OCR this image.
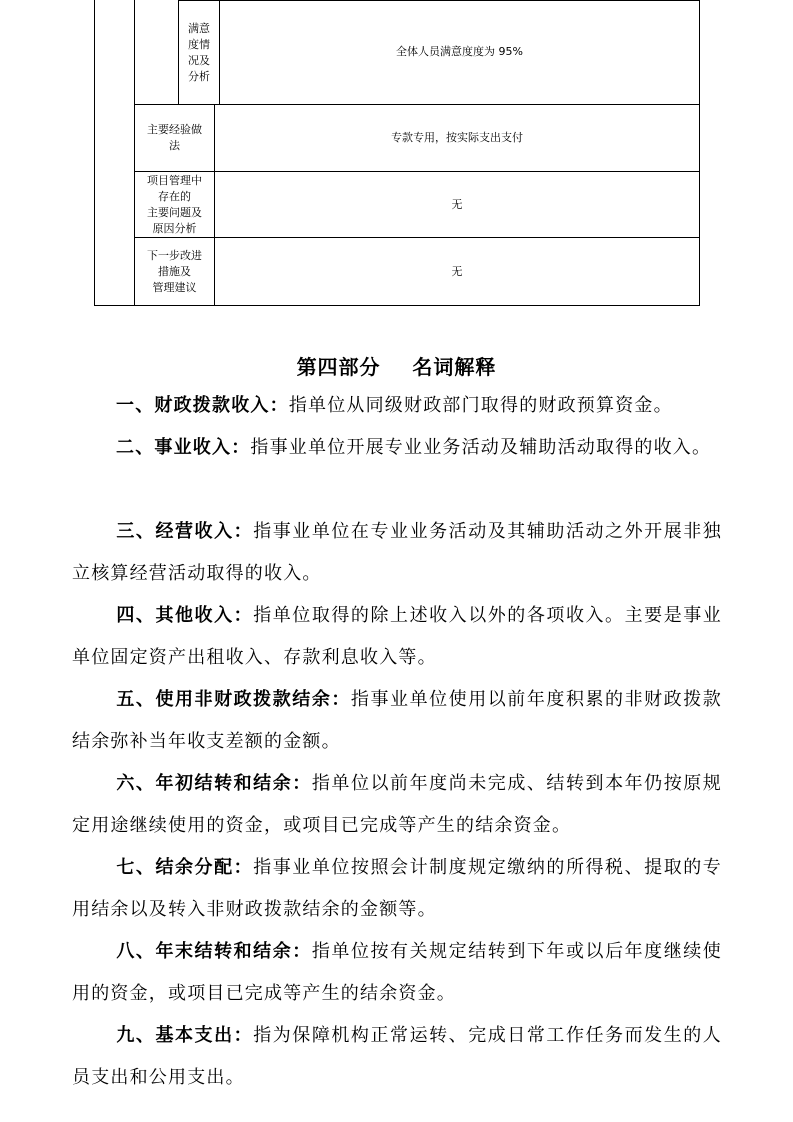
满意
度情
况及
分析
全体人员满意度度为 95%
主要经验做
法
专款专用，按实际支出支付
项目管理中
存在的
主要问题及
原因分析
无
下一步改进
措施及
管理建议
无
第四部分    名词解释
一、财政拨款收入：指单位从同级财政部门取得的财政预算资金。
二、事业收入：指事业单位开展专业业务活动及辅助活动取得的收入。
三、经营收入：指事业单位在专业业务活动及其辅助活动之外开展非独立核算经营活动取得的收入。
四、其他收入：指单位取得的除上述收入以外的各项收入。主要是事业单位固定资产出租收入、存款利息收入等。
五、使用非财政拨款结余：指事业单位使用以前年度积累的非财政拨款结余弥补当年收支差额的金额。
六、年初结转和结余：指单位以前年度尚未完成、结转到本年仍按原规定用途继续使用的资金，或项目已完成等产生的结余资金。
七、结余分配：指事业单位按照会计制度规定缴纳的所得税、提取的专用结余以及转入非财政拨款结余的金额等。
八、年末结转和结余：指单位按有关规定结转到下年或以后年度继续使用的资金，或项目已完成等产生的结余资金。
九、基本支出：指为保障机构正常运转、完成日常工作任务而发生的人员支出和公用支出。
